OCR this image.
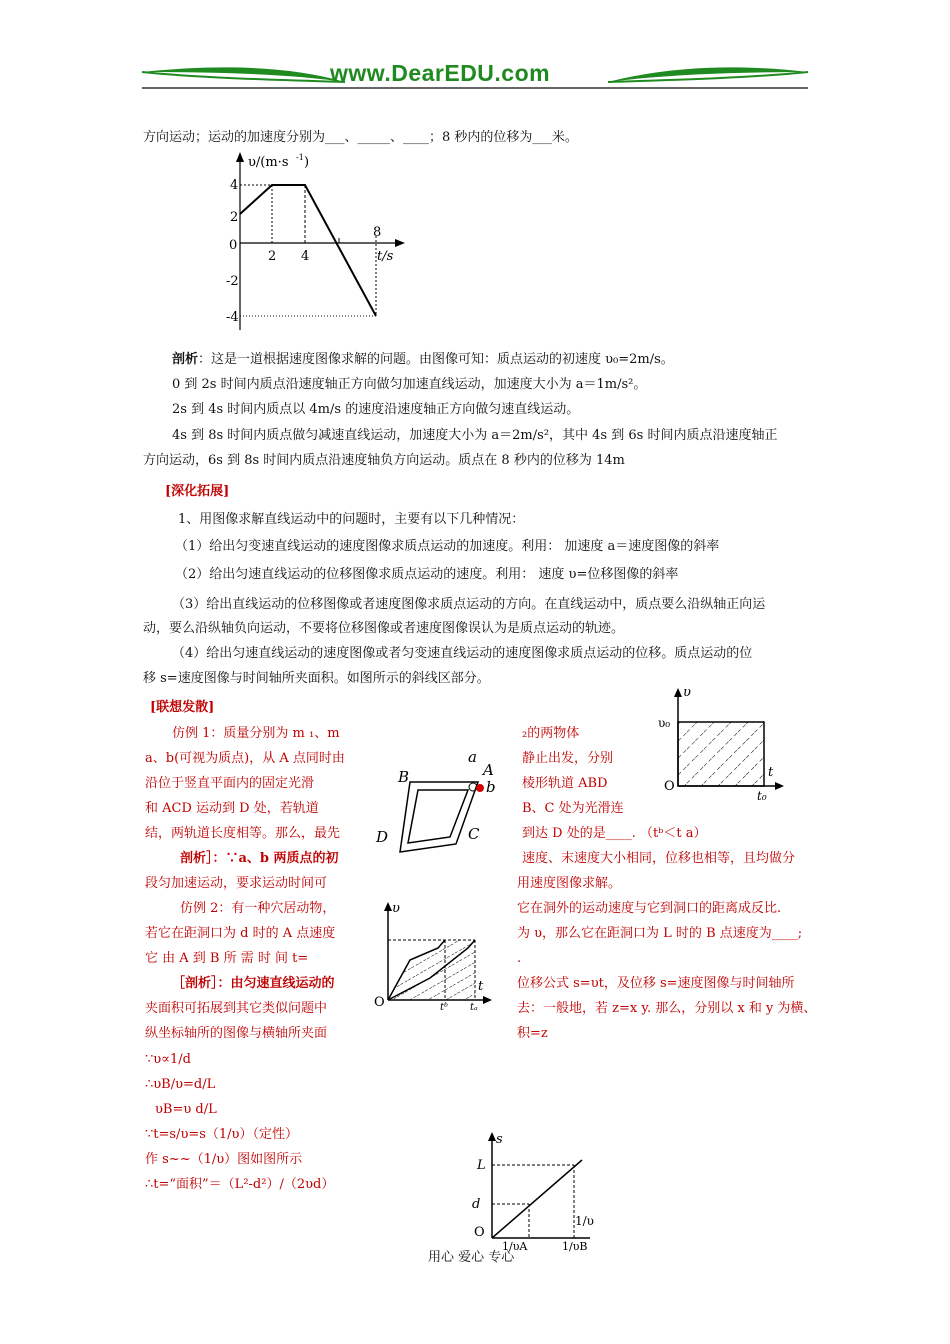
www.DearEDU.com
方向运动；运动的加速度分别为___、_____、____；8 秒内的位移为___米。
υ/(m·s -1 )
4
2
0
-2
-4
2 4
8
t/s
剖析：这是一道根据速度图像求解的问题。由图像可知：质点运动的初速度 υ₀=2m/s。
0 到 2s 时间内质点沿速度轴正方向做匀加速直线运动，加速度大小为 a＝1m/s²。
2s 到 4s 时间内质点以 4m/s 的速度沿速度轴正方向做匀速直线运动。
4s 到 8s 时间内质点做匀减速直线运动，加速度大小为 a＝2m/s²，其中 4s 到 6s 时间内质点沿速度轴正
方向运动，6s 到 8s 时间内质点沿速度轴负方向运动。质点在 8 秒内的位移为 14m
[深化拓展]
1、用图像求解直线运动中的问题时，主要有以下几种情况：
（1）给出匀变速直线运动的速度图像求质点运动的加速度。利用： 加速度 a＝速度图像的斜率
（2）给出匀速直线运动的位移图像求质点运动的速度。利用： 速度 υ=位移图像的斜率
（3）给出直线运动的位移图像或者速度图像求质点运动的方向。在直线运动中，质点要么沿纵轴正向运
动，要么沿纵轴负向运动，不要将位移图像或者速度图像误认为是质点运动的轨迹。
（4）给出匀速直线运动的速度图像或者匀变速直线运动的速度图像求质点运动的位移。质点运动的位
移 s=速度图像与时间轴所夹面积。如图所示的斜线区部分。
υ
υ₀
t
O
t₀
[联想发散]
仿例 1：质量分别为 m ₁、m
a、b(可视为质点)，从 A 点同时由
沿位于竖直平面内的固定光滑
和 ACD 运动到 D 处，若轨道
结，两轨道长度相等。那么，最先
剖析］：∵a、b 两质点的初
段匀加速运动，要求运动时间可
仿例 2：有一种穴居动物，
若它在距洞口为 d 时的 A 点速度
它 由 A 到 B 所 需 时 间 t=
［剖析］：由匀速直线运动的
夹面积可拓展到其它类似问题中
纵坐标轴所的图像与横轴所夹面
₂的两物体
静止出发，分别
棱形轨道 ABD
B、C 处为光滑连
到达 D 处的是____. （tᵇ＜t a）
速度、末速度大小相同，位移也相等，且均做分
用速度图像求解。
它在洞外的运动速度与它到洞口的距离成反比.
为 υ，那么它在距洞口为 L 时的 B 点速度为____;
.
位移公式 s=υt，及位移 s=速度图像与时间轴所
去：一般地，若 z=x y. 那么，分别以 x 和 y 为横、
积=z
a
A
b
B
C
D
υ
t
O	tᵇ tₐ
∵υ∝1/d
∴υB/υ=d/L
υB=υ d/L
∵t=s/υ=s（1/υ）（定性）
作 s~~（1/υ）图如图所示
∴t=“面积”＝（L²-d²）/（2υd）
s
L
d
O
1/υ
1/υA	1/υB
用心 爱心 专心
